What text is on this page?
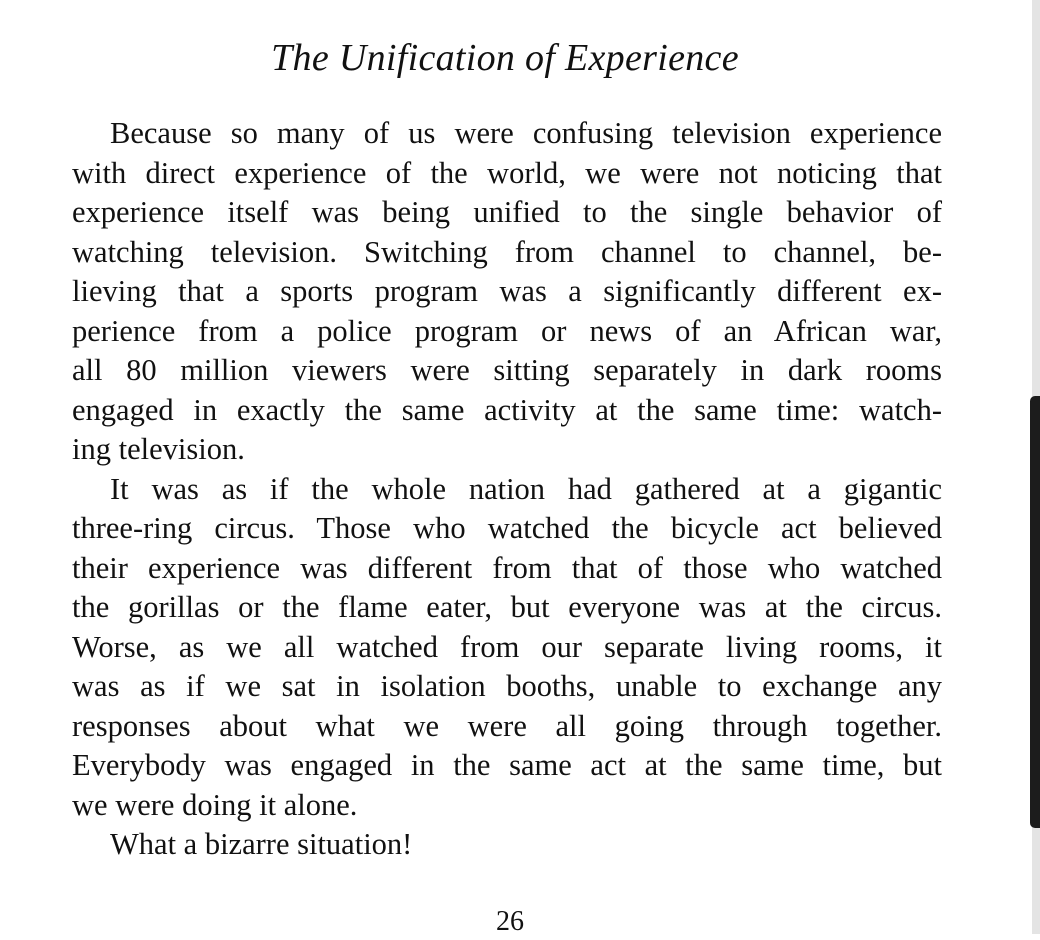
The Unification of Experience
Because so many of us were confusing television experience
with direct experience of the world, we were not noticing that
experience itself was being unified to the single behavior of
watching television. Switching from channel to channel, be-
lieving that a sports program was a significantly different ex-
perience from a police program or news of an African war,
all 80 million viewers were sitting separately in dark rooms
engaged in exactly the same activity at the same time: watch-
ing television.
It was as if the whole nation had gathered at a gigantic
three-ring circus. Those who watched the bicycle act believed
their experience was different from that of those who watched
the gorillas or the flame eater, but everyone was at the circus.
Worse, as we all watched from our separate living rooms, it
was as if we sat in isolation booths, unable to exchange any
responses about what we were all going through together.
Everybody was engaged in the same act at the same time, but
we were doing it alone.
What a bizarre situation!
26
